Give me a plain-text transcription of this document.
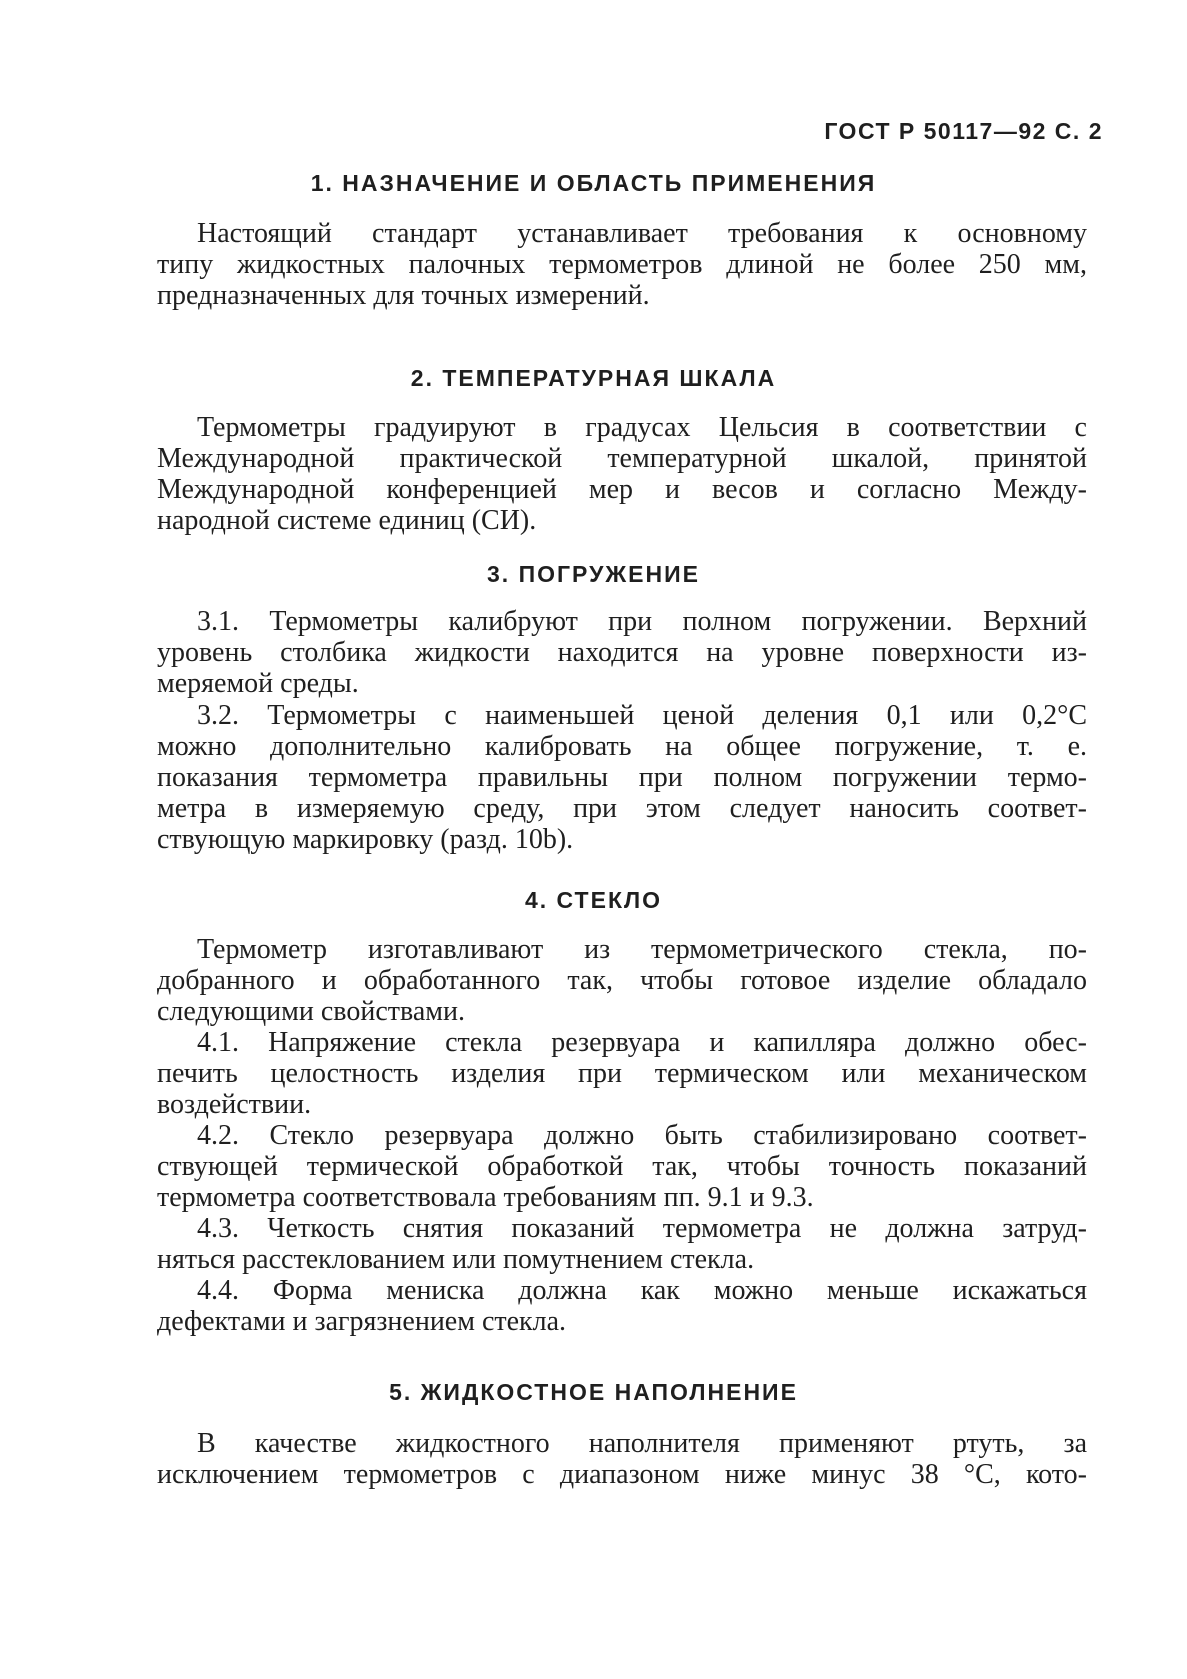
ГОСТ Р 50117—92 С. 2
1. НАЗНАЧЕНИЕ И ОБЛАСТЬ ПРИМЕНЕНИЯ
Настоящий стандарт устанавливает требования к основному
типу жидкостных палочных термометров длиной не более 250 мм,
предназначенных для точных измерений.
2. ТЕМПЕРАТУРНАЯ ШКАЛА
Термометры градуируют в градусах Цельсия в соответствии с
Международной практической температурной шкалой, принятой
Международной конференцией мер и весов и согласно Между-
народной системе единиц (СИ).
3. ПОГРУЖЕНИЕ
3.1. Термометры калибруют при полном погружении. Верхний
уровень столбика жидкости находится на уровне поверхности из-
меряемой среды.
3.2. Термометры с наименьшей ценой деления 0,1 или 0,2°С
можно дополнительно калибровать на общее погружение, т. е.
показания термометра правильны при полном погружении термо-
метра в измеряемую среду, при этом следует наносить соответ-
ствующую маркировку (разд. 10b).
4. СТЕКЛО
Термометр изготавливают из термометрического стекла, по-
добранного и обработанного так, чтобы готовое изделие обладало
следующими свойствами.
4.1. Напряжение стекла резервуара и капилляра должно обес-
печить целостность изделия при термическом или механическом
воздействии.
4.2. Стекло резервуара должно быть стабилизировано соответ-
ствующей термической обработкой так, чтобы точность показаний
термометра соответствовала требованиям пп. 9.1 и 9.3.
4.3. Четкость снятия показаний термометра не должна затруд-
няться расстеклованием или помутнением стекла.
4.4. Форма мениска должна как можно меньше искажаться
дефектами и загрязнением стекла.
5. ЖИДКОСТНОЕ НАПОЛНЕНИЕ
В качестве жидкостного наполнителя применяют ртуть, за
исключением термометров с диапазоном ниже минус 38 °С, кото-
